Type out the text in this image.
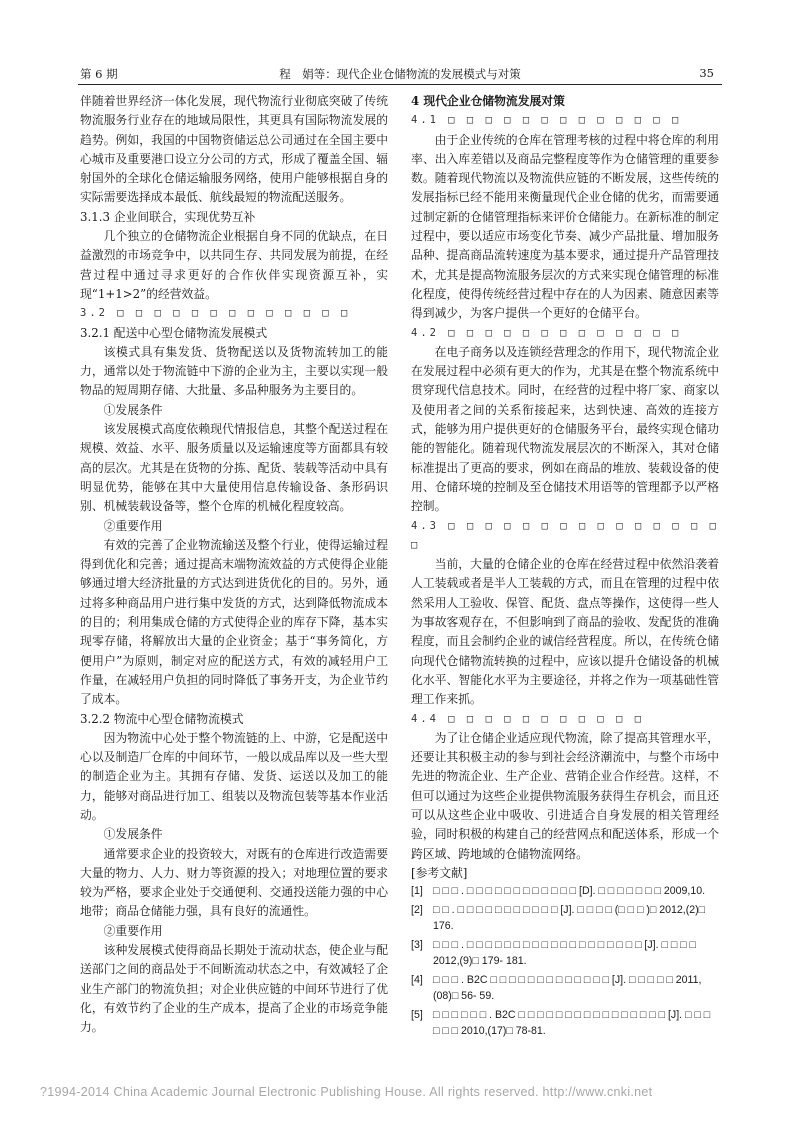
第 6 期	程　娟等：现代企业仓储物流的发展模式与对策	35

伴随着世界经济一体化发展，现代物流行业彻底突破了传统物流服务行业存在的地域局限性，其更具有国际物流发展的趋势。例如，我国的中国物资储运总公司通过在全国主要中心城市及重要港口设立分公司的方式，形成了覆盖全国、辐射国外的全球化仓储运输服务网络，使用户能够根据自身的实际需要选择成本最低、航线最短的物流配送服务。

3.1.3 企业间联合，实现优势互补

几个独立的仓储物流企业根据自身不同的优缺点，在日益激烈的市场竞争中，以共同生存、共同发展为前提，在经营过程中通过寻求更好的合作伙伴实现资源互补，实现“1+1>2”的经营效益。

3.2 □ □ □ □ □ □ □ □ □ □ □ □ □

3.2.1 配送中心型仓储物流发展模式

该模式具有集发货、货物配送以及货物流转加工的能力，通常以处于物流链中下游的企业为主，主要以实现一般物品的短周期存储、大批量、多品种服务为主要目的。

①发展条件

该发展模式高度依赖现代情报信息，其整个配送过程在规模、效益、水平、服务质量以及运输速度等方面都具有较高的层次。尤其是在货物的分拣、配货、装载等活动中具有明显优势，能够在其中大量使用信息传输设备、条形码识别、机械装载设备等，整个仓库的机械化程度较高。

②重要作用

有效的完善了企业物流输送及整个行业，使得运输过程得到优化和完善；通过提高末端物流效益的方式使得企业能够通过增大经济批量的方式达到进货优化的目的。另外，通过将多种商品用户进行集中发货的方式，达到降低物流成本的目的；利用集成仓储的方式使得企业的库存下降，基本实现零存储，将解放出大量的企业资金；基于“事务简化，方便用户”为原则，制定对应的配送方式，有效的减轻用户工作量，在减轻用户负担的同时降低了事务开支，为企业节约了成本。

3.2.2 物流中心型仓储物流模式

因为物流中心处于整个物流链的上、中游，它是配送中心以及制造厂仓库的中间环节，一般以成品库以及一些大型的制造企业为主。其拥有存储、发货、运送以及加工的能力，能够对商品进行加工、组装以及物流包装等基本作业活动。

①发展条件

通常要求企业的投资较大，对既有的仓库进行改造需要大量的物力、人力、财力等资源的投入；对地理位置的要求较为严格，要求企业处于交通便利、交通投送能力强的中心地带；商品仓储能力强，具有良好的流通性。

②重要作用

该种发展模式使得商品长期处于流动状态，使企业与配送部门之间的商品处于不间断流动状态之中，有效减轻了企业生产部门的物流负担；对企业供应链的中间环节进行了优化，有效节约了企业的生产成本，提高了企业的市场竞争能力。

4 现代企业仓储物流发展对策

4.1 □ □ □ □ □ □ □ □ □ □ □ □ □

由于企业传统的仓库在管理考核的过程中将仓库的利用率、出入库差错以及商品完整程度等作为仓储管理的重要参数。随着现代物流以及物流供应链的不断发展，这些传统的发展指标已经不能用来衡量现代企业仓储的优劣，而需要通过制定新的仓储管理指标来评价仓储能力。在新标准的制定过程中，要以适应市场变化节奏、减少产品批量、增加服务品种、提高商品流转速度为基本要求，通过提升产品管理技术，尤其是提高物流服务层次的方式来实现仓储管理的标准化程度，使得传统经营过程中存在的人为因素、随意因素等得到减少，为客户提供一个更好的仓储平台。

4.2 □ □ □ □ □ □ □ □ □ □ □ □ □

在电子商务以及连锁经营理念的作用下，现代物流企业在发展过程中必须有更大的作为，尤其是在整个物流系统中贯穿现代信息技术。同时，在经营的过程中将厂家、商家以及使用者之间的关系衔接起来，达到快速、高效的连接方式，能够为用户提供更好的仓储服务平台，最终实现仓储功能的智能化。随着现代物流发展层次的不断深入，其对仓储标准提出了更高的要求，例如在商品的堆放、装载设备的使用、仓储环境的控制及至仓储技术用语等的管理都予以严格控制。

4.3 □ □ □ □ □ □ □ □ □ □ □ □ □ □ □ □

当前，大量的仓储企业的仓库在经营过程中依然沿袭着人工装载或者是半人工装载的方式，而且在管理的过程中依然采用人工验收、保管、配货、盘点等操作，这使得一些人为事故客观存在，不但影响到了商品的验收、发配货的准确程度，而且会制约企业的诚信经营程度。所以，在传统仓储向现代仓储物流转换的过程中，应该以提升仓储设备的机械化水平、智能化水平为主要途径，并将之作为一项基础性管理工作来抓。

4.4 □ □ □ □ □ □ □ □ □ □ □

为了让仓储企业适应现代物流，除了提高其管理水平，还要让其积极主动的参与到社会经济潮流中，与整个市场中先进的物流企业、生产企业、营销企业合作经营。这样，不但可以通过为这些企业提供物流服务获得生存机会，而且还可以从这些企业中吸收、引进适合自身发展的相关管理经验，同时积极的构建自己的经营网点和配送体系，形成一个跨区域、跨地域的仓储物流网络。

[参考文献]

[1] □ □ □ . □ □ □ □ □ □ □ □ □ □ □ □ [D]. □ □ □ □ □ □ □ 2009,10.
[2] □ □ . □ □ □ □ □ □ □ □ □ □ □ [J]. □ □ □ □ (□ □ □ )□ 2012,(2)□ 176.
[3] □ □ □ . □ □ □ □ □ □ □ □ □ □ □ □ □ □ □ □ □ □ □ [J]. □ □ □ □ 2012,(9)□ 179- 181.
[4] □ □ □ . B2C □ □ □ □ □ □ □ □ □ □ □ □ □ [J]. □ □ □ □ □ 2011,(08)□ 56- 59.
[5] □ □ □ □ □ □ . B2C □ □ □ □ □ □ □ □ □ □ □ □ □ □ □ □ [J]. □ □ □ □ □ □ 2010,(17)□ 78-81.
?1994-2014 China Academic Journal Electronic Publishing House. All rights reserved. http://www.cnki.net
